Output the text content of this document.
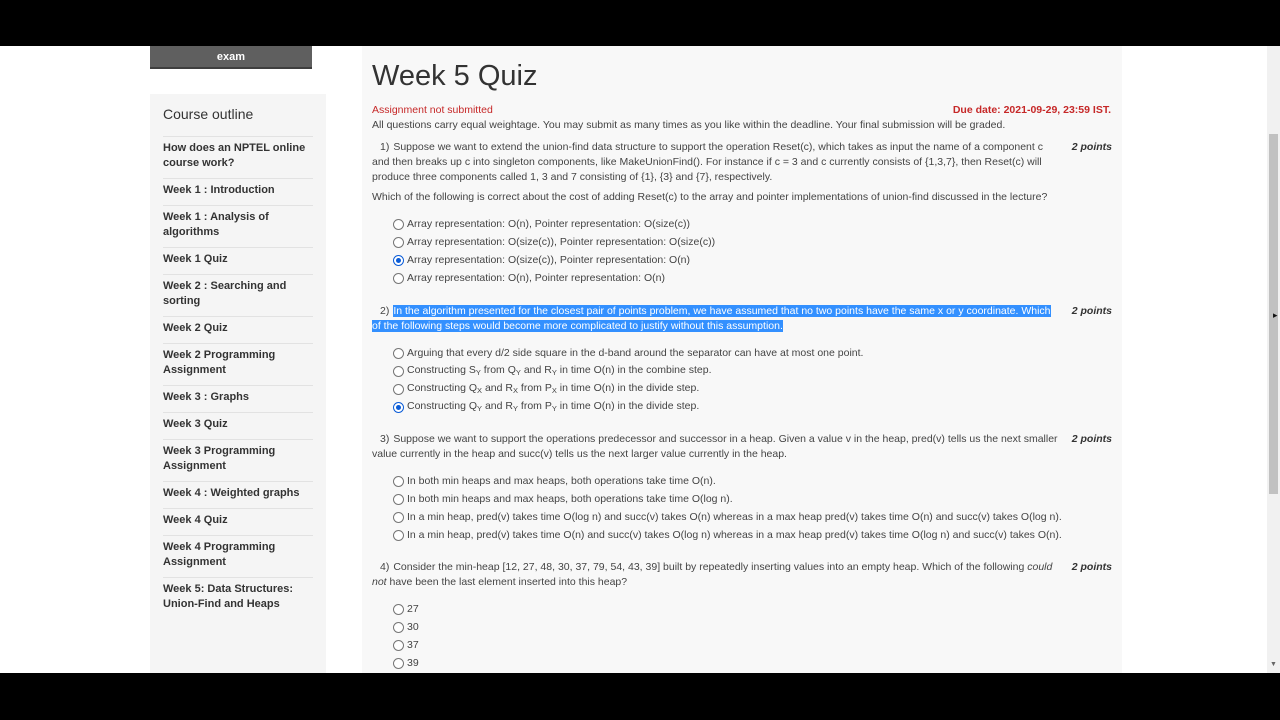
exam
Course outline
How does an NPTEL online course work?
Week 1 : Introduction
Week 1 : Analysis of algorithms
Week 1 Quiz
Week 2 : Searching and sorting
Week 2 Quiz
Week 2 Programming Assignment
Week 3 : Graphs
Week 3 Quiz
Week 3 Programming Assignment
Week 4 : Weighted graphs
Week 4 Quiz
Week 4 Programming Assignment
Week 5: Data Structures: Union-Find and Heaps
Week 5 Quiz
Assignment not submitted	Due date: 2021-09-29, 23:59 IST.
All questions carry equal weightage. You may submit as many times as you like within the deadline. Your final submission will be graded.
2 points
1) Suppose we want to extend the union-find data structure to support the operation Reset(c), which takes as input the name of a component c and then breaks up c into singleton components, like MakeUnionFind(). For instance if c = 3 and c currently consists of {1,3,7}, then Reset(c) will produce three components called 1, 3 and 7 consisting of {1}, {3} and {7}, respectively.
Which of the following is correct about the cost of adding Reset(c) to the array and pointer implementations of union-find discussed in the lecture?
Array representation: O(n), Pointer representation: O(size(c))
Array representation: O(size(c)), Pointer representation: O(size(c))
Array representation: O(size(c)), Pointer representation: O(n)
Array representation: O(n), Pointer representation: O(n)
2 points
2) In the algorithm presented for the closest pair of points problem, we have assumed that no two points have the same x or y coordinate. Which of the following steps would become more complicated to justify without this assumption.
Arguing that every d/2 side square in the d-band around the separator can have at most one point.
Constructing $S_Y$ from $Q_Y$ and $R_Y$ in time O(n) in the combine step.
Constructing $Q_X$ and $R_X$ from $P_X$ in time O(n) in the divide step.
Constructing $Q_Y$ and $R_Y$ from $P_Y$ in time O(n) in the divide step.
2 points
3) Suppose we want to support the operations predecessor and successor in a heap. Given a value v in the heap, pred(v) tells us the next smaller value currently in the heap and succ(v) tells us the next larger value currently in the heap.
In both min heaps and max heaps, both operations take time O(n).
In both min heaps and max heaps, both operations take time O(log n).
In a min heap, pred(v) takes time O(log n) and succ(v) takes O(n) whereas in a max heap pred(v) takes time O(n) and succ(v) takes O(log n).
In a min heap, pred(v) takes time O(n) and succ(v) takes O(log n) whereas in a max heap pred(v) takes time O(log n) and succ(v) takes O(n).
2 points
4) Consider the min-heap [12, 27, 48, 30, 37, 79, 54, 43, 39] built by repeatedly inserting values into an empty heap. Which of the following could not have been the last element inserted into this heap?
27
30
37
39	▼
▸
